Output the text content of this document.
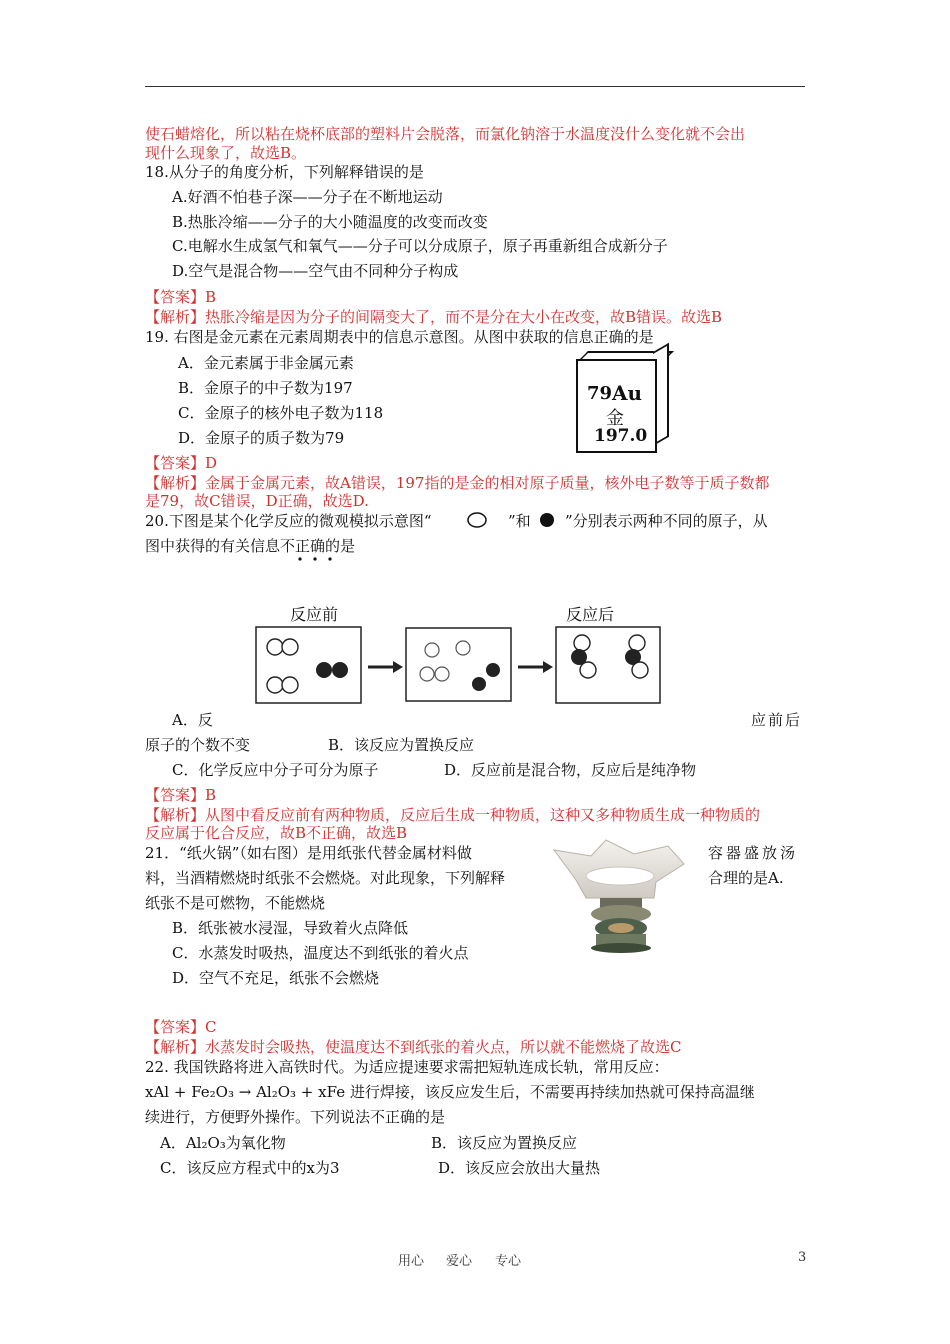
使石蜡熔化，所以粘在烧杯底部的塑料片会脱落，而氯化钠溶于水温度没什么变化就不会出
现什么现象了，故选B。
18.从分子的角度分析，下列解释错误的是
A.好酒不怕巷子深——分子在不断地运动
B.热胀冷缩——分子的大小随温度的改变而改变
C.电解水生成氢气和氧气——分子可以分成原子，原子再重新组合成新分子
D.空气是混合物——空气由不同种分子构成
【答案】B
【解析】热胀冷缩是因为分子的间隔变大了，而不是分在大小在改变，故B错误。故选B
19. 右图是金元素在元素周期表中的信息示意图。从图中获取的信息正确的是
A．金元素属于非金属元素
B．金原子的中子数为197
C．金原子的核外电子数为118
D．金原子的质子数为79
79 Au
金
197.0
【答案】D
【解析】金属于金属元素，故A错误，197指的是金的相对原子质量，核外电子数等于质子数都
是79，故C错误，D正确，故选D.
20.下图是某个化学反应的微观模拟示意图“	”和 ”分别表示两种不同的原子，从
图中获得的有关信息不正确的是
反应前	反应后
A．反	应前后
原子的个数不变	B．该反应为置换反应
C．化学反应中分子可分为原子	D．反应前是混合物，反应后是纯净物
【答案】B
【解析】从图中看反应前有两种物质，反应后生成一种物质，这种又多种物质生成一种物质的
反应属于化合反应，故B不正确，故选B
21．“纸火锅”（如右图）是用纸张代替金属材料做	容器盛放汤
料，当酒精燃烧时纸张不会燃烧。对此现象，下列解释	合理的是A.
纸张不是可燃物，不能燃烧
B．纸张被水浸湿，导致着火点降低
C．水蒸发时吸热，温度达不到纸张的着火点
D．空气不充足，纸张不会燃烧
【答案】C
【解析】水蒸发时会吸热，使温度达不到纸张的着火点，所以就不能燃烧了故选C
22. 我国铁路将进入高铁时代。为适应提速要求需把短轨连成长轨，常用反应：
xAl + Fe₂O₃ → Al₂O₃ + xFe 进行焊接，该反应发生后，不需要再持续加热就可保持高温继
续进行，方便野外操作。下列说法不正确的是
A．Al₂O₃为氧化物	B．该反应为置换反应
C．该反应方程式中的x为3	D．该反应会放出大量热
用心 爱心 专心	3
